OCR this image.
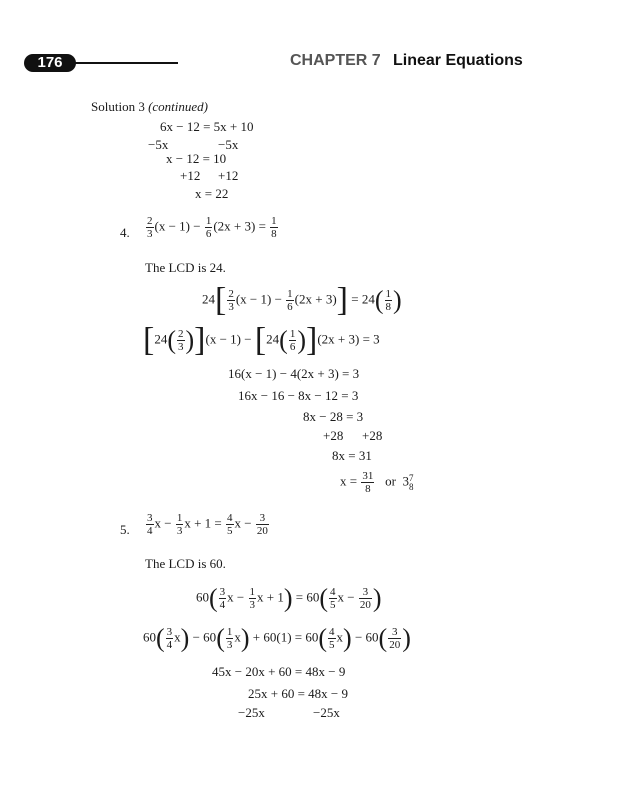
176	CHAPTER 7 Linear Equations
Solution 3 (continued)
6x − 12 = 5x + 10
−5x	−5x
x − 12 = 10
+12 +12
x = 22
4. $\frac{2}{3} (x - 1) - \frac{1}{6} (2x + 3) = \frac{1}{8}$
The LCD is 24.
$24[ \frac{2}{3} (x - 1) - \frac{1}{6} (2x + 3)] = 24( \frac{1}{8}$ )
$[24( \frac{2}{3} )](x - 1) - [24( \frac{1}{6} )](2x + 3) = 3$
16(x − 1) − 4(2x + 3) = 3
16x − 16 − 8x − 12 = 3
8x − 28 = 3
+28 +28
8x = 31
$x = \frac{31}{8}$ or 3 7
8
5. $\frac{3}{4}$ $x - \frac{1}{3}$ $x + 1 = \frac{4}{5}$ $x - \frac{3}{20}$
The LCD is 60.
$60( \frac{3}{4}$ $x - \frac{1}{3}$ $x + 1) = 60( \frac{4}{5}$ $x - \frac{3}{20}$ )
$60( \frac{3}{4} x) - 60( \frac{1}{3} x) + 60(1) = 60( \frac{4}{5} x) - 60( \frac{3}{20}$ )
45x − 20x + 60 = 48x − 9
25x + 60 = 48x − 9
−25x	−25x
